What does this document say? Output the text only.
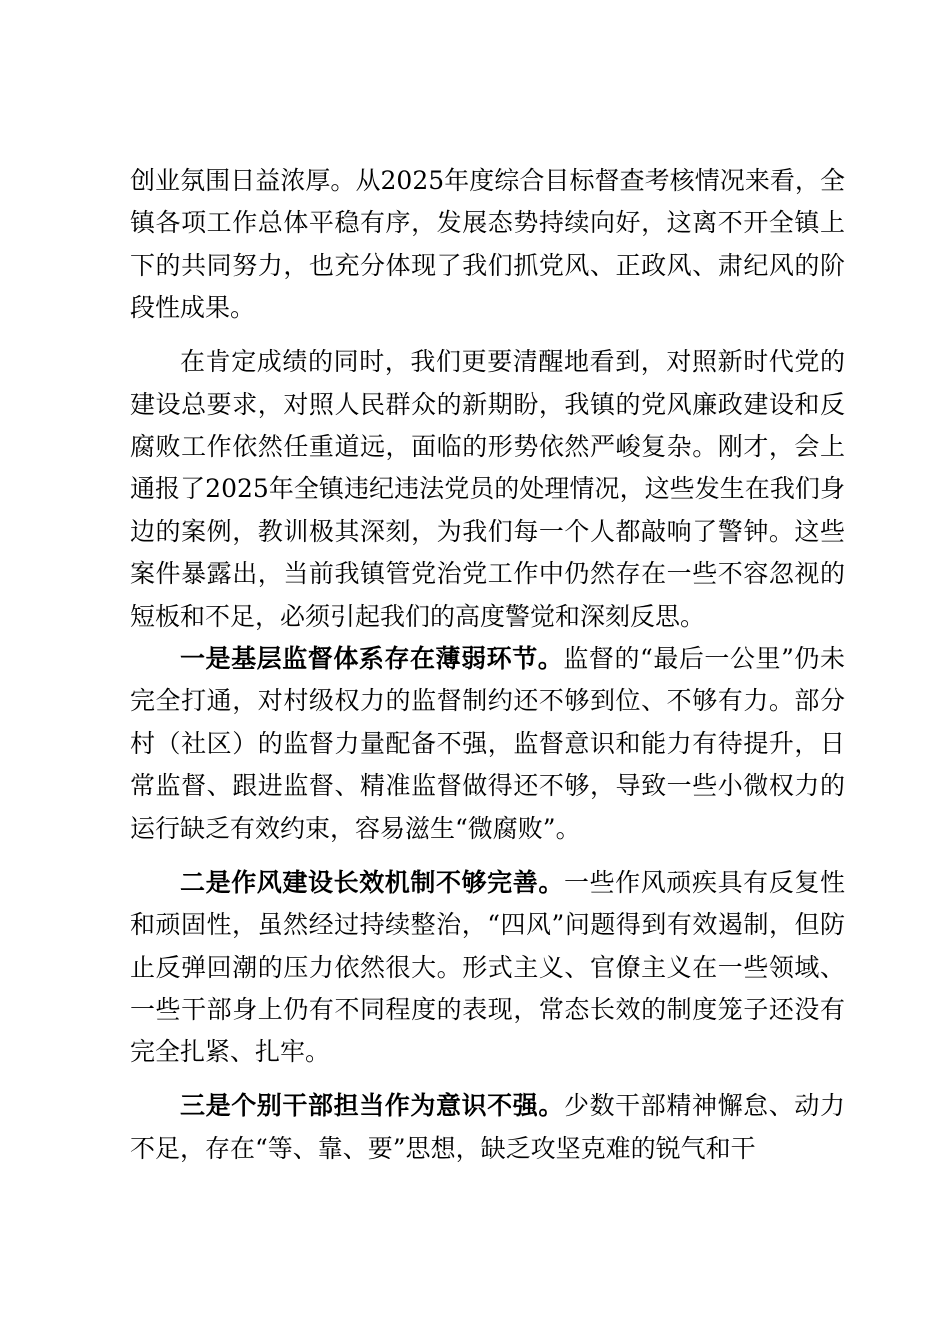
创业氛围日益浓厚。从2025年度综合目标督查考核情况来看，全镇各项工作总体平稳有序，发展态势持续向好，这离不开全镇上下的共同努力，也充分体现了我们抓党风、正政风、肃纪风的阶段性成果。

在肯定成绩的同时，我们更要清醒地看到，对照新时代党的建设总要求，对照人民群众的新期盼，我镇的党风廉政建设和反腐败工作依然任重道远，面临的形势依然严峻复杂。刚才，会上通报了2025年全镇违纪违法党员的处理情况，这些发生在我们身边的案例，教训极其深刻，为我们每一个人都敲响了警钟。这些案件暴露出，当前我镇管党治党工作中仍然存在一些不容忽视的短板和不足，必须引起我们的高度警觉和深刻反思。

一是基层监督体系存在薄弱环节。监督的“最后一公里”仍未完全打通，对村级权力的监督制约还不够到位、不够有力。部分村（社区）的监督力量配备不强，监督意识和能力有待提升，日常监督、跟进监督、精准监督做得还不够，导致一些小微权力的运行缺乏有效约束，容易滋生“微腐败”。

二是作风建设长效机制不够完善。一些作风顽疾具有反复性和顽固性，虽然经过持续整治，“四风”问题得到有效遏制，但防止反弹回潮的压力依然很大。形式主义、官僚主义在一些领域、一些干部身上仍有不同程度的表现，常态长效的制度笼子还没有完全扎紧、扎牢。

三是个别干部担当作为意识不强。少数干部精神懈怠、动力不足，存在“等、靠、要”思想，缺乏攻坚克难的锐气和干
